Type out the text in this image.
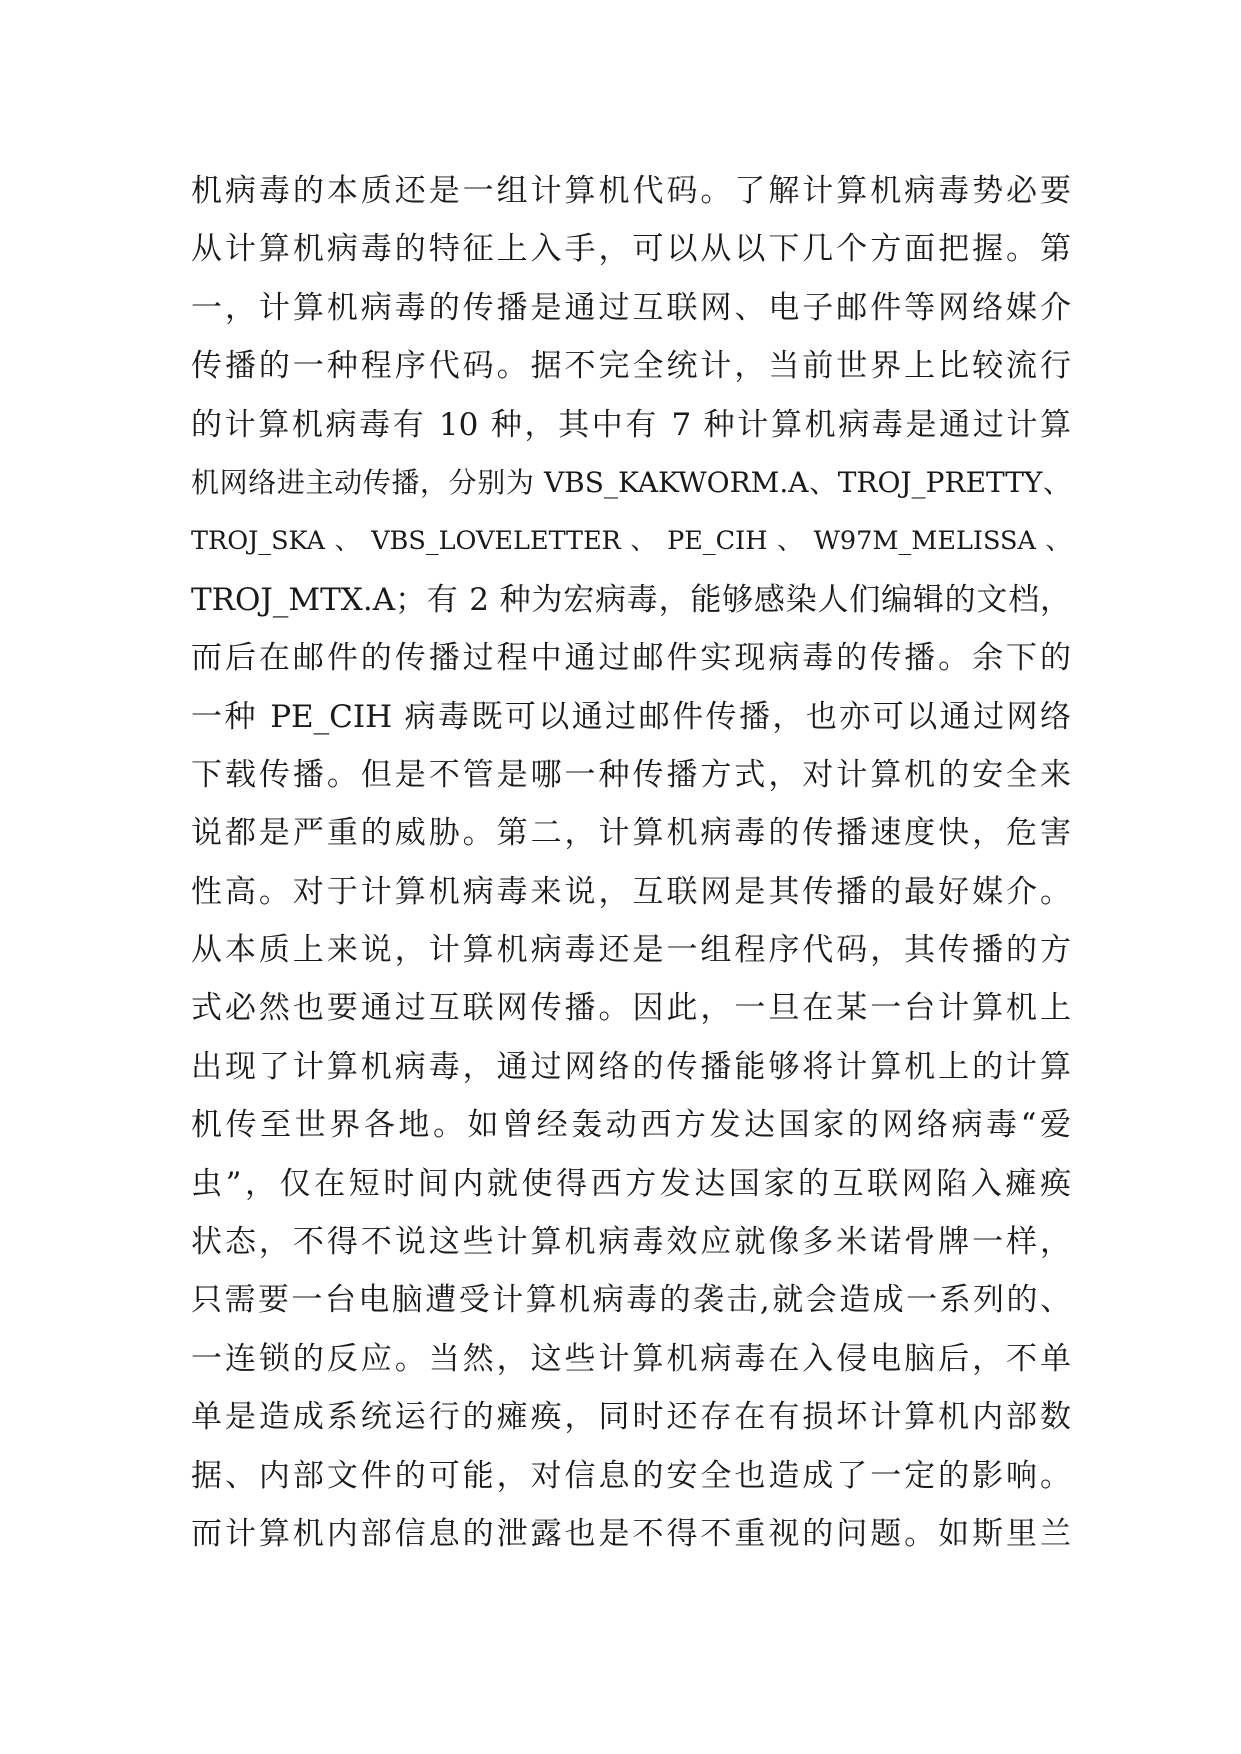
机病毒的本质还是一组计算机代码。了解计算机病毒势必要
从计算机病毒的特征上入手，可以从以下几个方面把握。第
一，计算机病毒的传播是通过互联网、电子邮件等网络媒介
传播的一种程序代码。据不完全统计，当前世界上比较流行
的计算机病毒有 10 种，其中有 7 种计算机病毒是通过计算
机网络进主动传播，分别为 VBS_KAKWORM.A、TROJ_PRETTY、
TROJ_SKA 、 VBS_LOVELETTER 、 PE_CIH 、 W97M_MELISSA 、
TROJ_MTX.A；有 2 种为宏病毒，能够感染人们编辑的文档，
而后在邮件的传播过程中通过邮件实现病毒的传播。余下的
一种 PE_CIH 病毒既可以通过邮件传播，也亦可以通过网络
下载传播。但是不管是哪一种传播方式，对计算机的安全来
说都是严重的威胁。第二，计算机病毒的传播速度快，危害
性高。对于计算机病毒来说，互联网是其传播的最好媒介。
从本质上来说，计算机病毒还是一组程序代码，其传播的方
式必然也要通过互联网传播。因此，一旦在某一台计算机上
出现了计算机病毒，通过网络的传播能够将计算机上的计算
机传至世界各地。如曾经轰动西方发达国家的网络病毒“爱
虫”，仅在短时间内就使得西方发达国家的互联网陷入瘫痪
状态，不得不说这些计算机病毒效应就像多米诺骨牌一样，
只需要一台电脑遭受计算机病毒的袭击,就会造成一系列的、
一连锁的反应。当然，这些计算机病毒在入侵电脑后，不单
单是造成系统运行的瘫痪，同时还存在有损坏计算机内部数
据、内部文件的可能，对信息的安全也造成了一定的影响。
而计算机内部信息的泄露也是不得不重视的问题。如斯里兰
